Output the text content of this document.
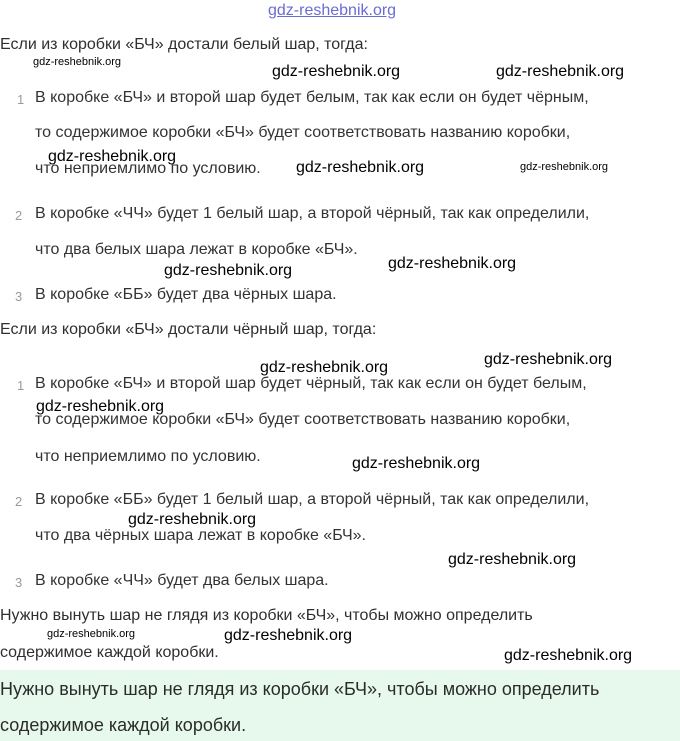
gdz-reshebnik.org
Если из коробки «БЧ» достали белый шар, тогда:
1 В коробке «БЧ» и второй шар будет белым, так как если он будет чёрным,
то содержимое коробки «БЧ» будет соответствовать названию коробки,
что неприемлимо по условию.
2 В коробке «ЧЧ» будет 1 белый шар, а второй чёрный, так как определили,
что два белых шара лежат в коробке «БЧ».
3 В коробке «ББ» будет два чёрных шара.
Если из коробки «БЧ» достали чёрный шар, тогда:
1 В коробке «БЧ» и второй шар будет чёрный, так как если он будет белым,
то содержимое коробки «БЧ» будет соответствовать названию коробки,
что неприемлимо по условию.
2 В коробке «ББ» будет 1 белый шар, а второй чёрный, так как определили,
что два чёрных шара лежат в коробке «БЧ».
3 В коробке «ЧЧ» будет два белых шара.
Нужно вынуть шар не глядя из коробки «БЧ», чтобы можно определить
содержимое каждой коробки.
Нужно вынуть шар не глядя из коробки «БЧ», чтобы можно определить
содержимое каждой коробки.
gdz-reshebnik.org
gdz-reshebnik.org	gdz-reshebnik.org
gdz-reshebnik.org
gdz-reshebnik.org	gdz-reshebnik.org
gdz-reshebnik.org
gdz-reshebnik.org
gdz-reshebnik.org
gdz-reshebnik.org
gdz-reshebnik.org
gdz-reshebnik.org
gdz-reshebnik.org
gdz-reshebnik.org
gdz-reshebnik.org	gdz-reshebnik.org
gdz-reshebnik.org
